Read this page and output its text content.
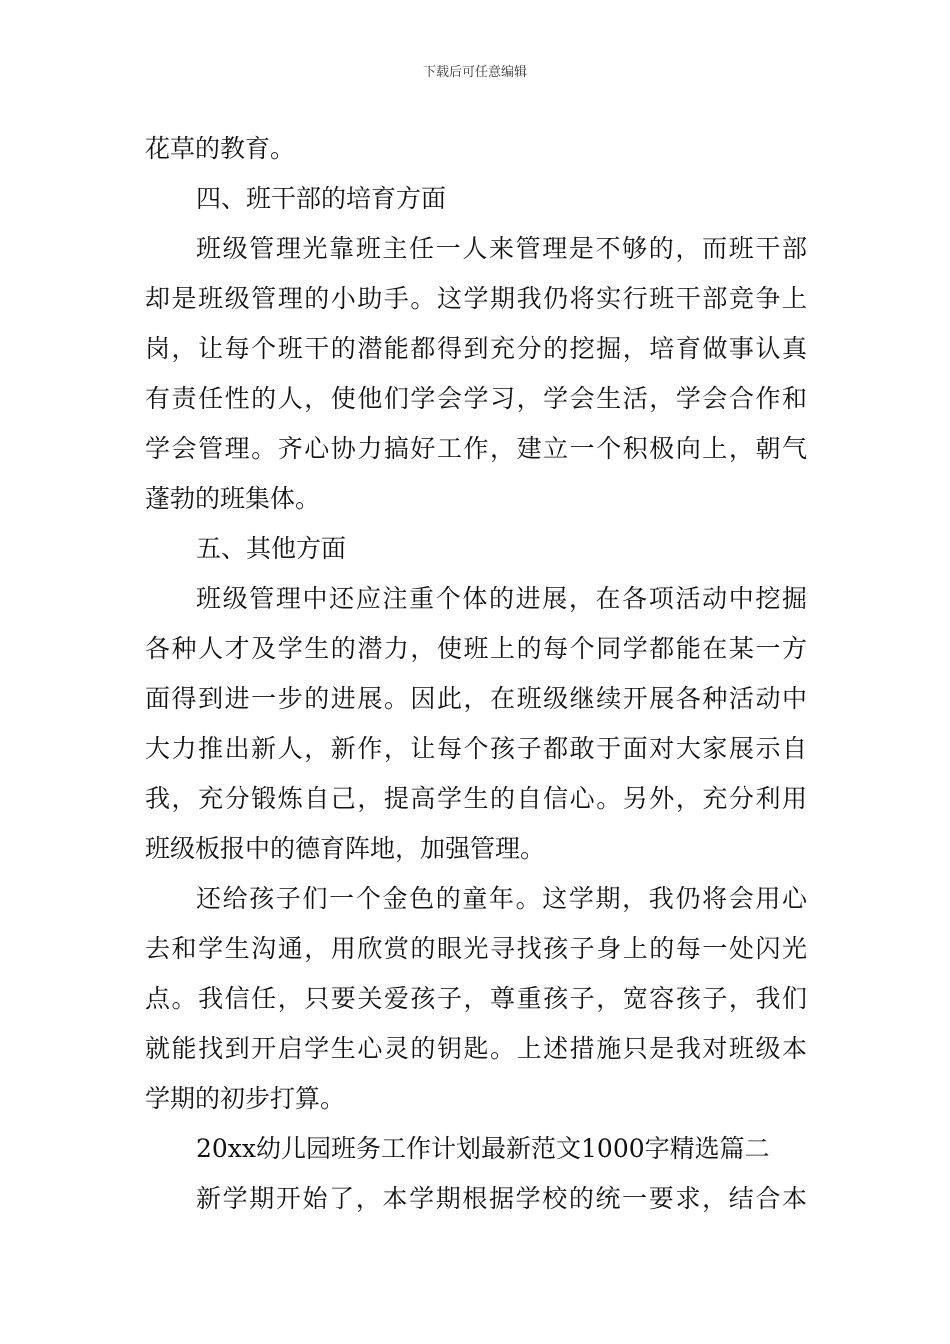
下载后可任意编辑
花草的教育。
四、班干部的培育方面
班级管理光靠班主任一人来管理是不够的，而班干部
却是班级管理的小助手。这学期我仍将实行班干部竞争上
岗，让每个班干的潜能都得到充分的挖掘，培育做事认真
有责任性的人，使他们学会学习，学会生活，学会合作和
学会管理。齐心协力搞好工作，建立一个积极向上，朝气
蓬勃的班集体。
五、其他方面
班级管理中还应注重个体的进展，在各项活动中挖掘
各种人才及学生的潜力，使班上的每个同学都能在某一方
面得到进一步的进展。因此，在班级继续开展各种活动中
大力推出新人，新作，让每个孩子都敢于面对大家展示自
我，充分锻炼自己，提高学生的自信心。另外，充分利用
班级板报中的德育阵地，加强管理。
还给孩子们一个金色的童年。这学期，我仍将会用心
去和学生沟通，用欣赏的眼光寻找孩子身上的每一处闪光
点。我信任，只要关爱孩子，尊重孩子，宽容孩子，我们
就能找到开启学生心灵的钥匙。上述措施只是我对班级本
学期的初步打算。
20xx幼儿园班务工作计划最新范文1000字精选篇二
新学期开始了，本学期根据学校的统一要求，结合本
